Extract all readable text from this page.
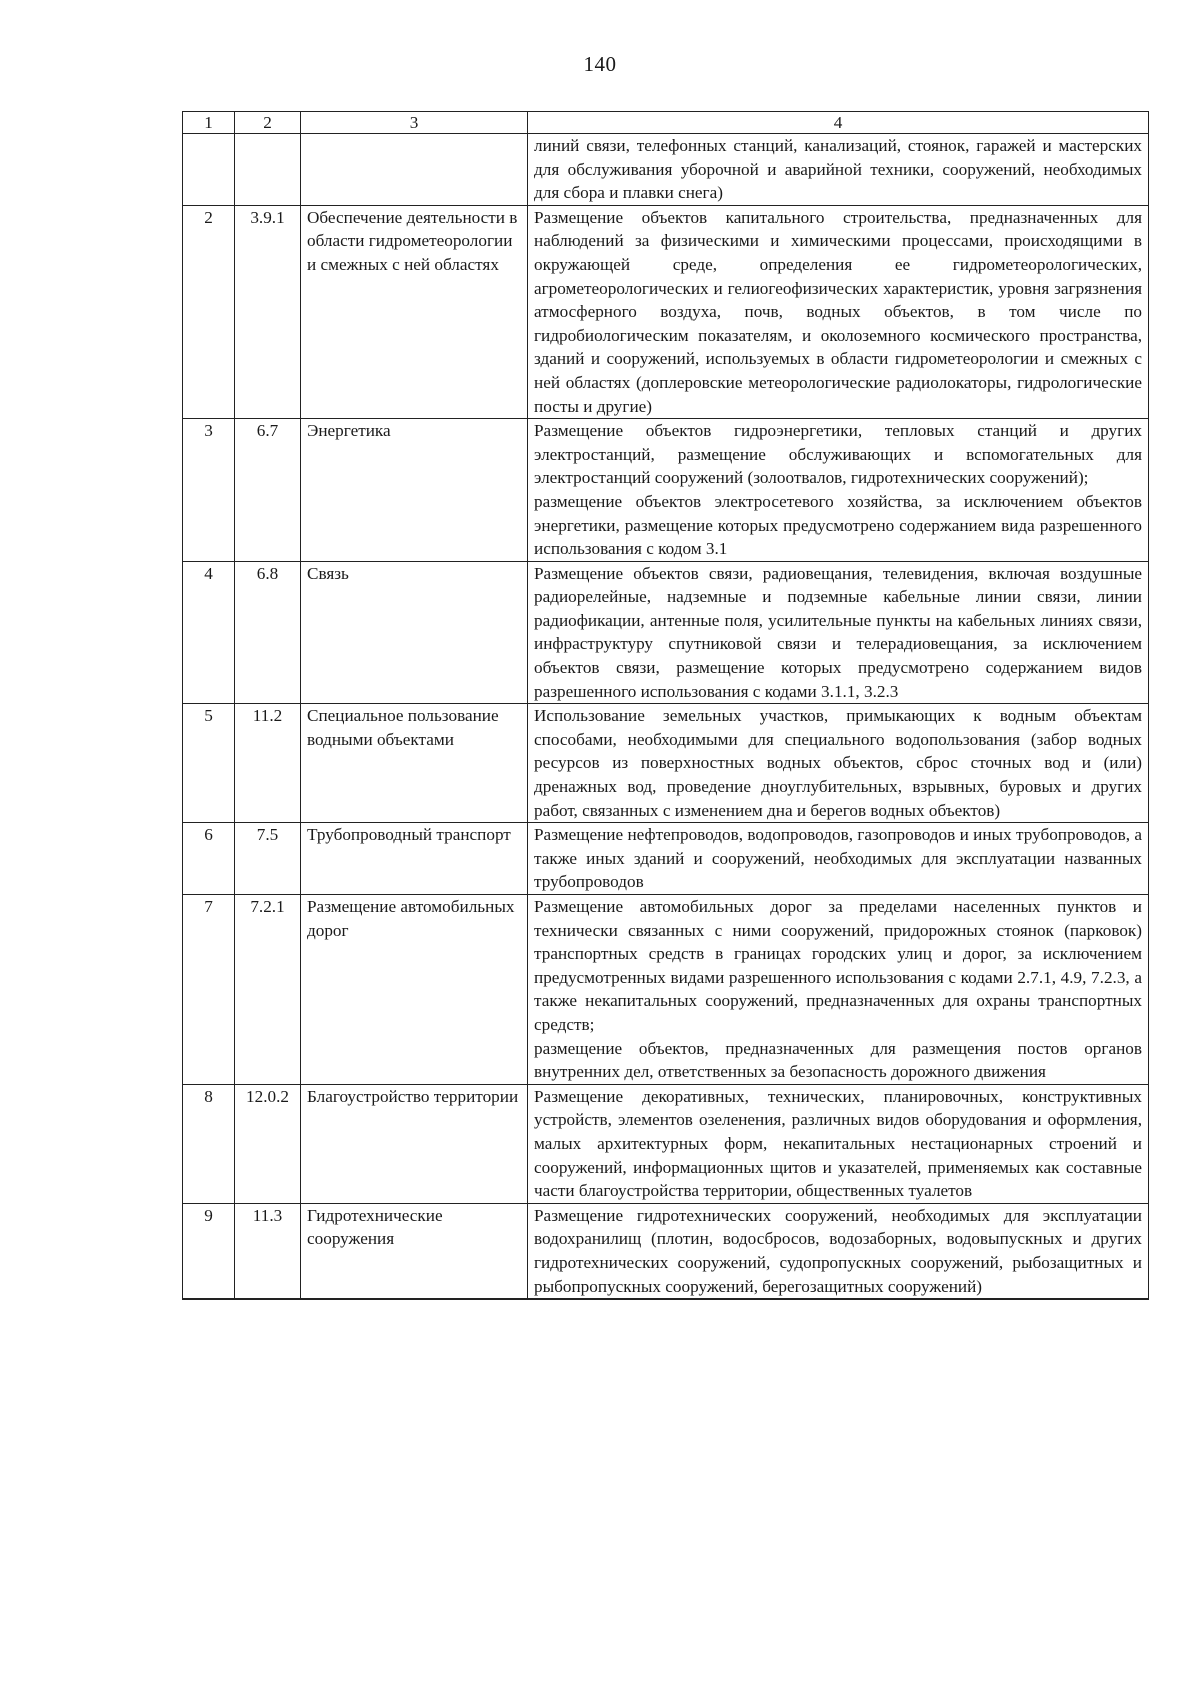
140
1	2	3	4
			линий связи, телефонных станций, канализаций, стоянок, гаражей и мастерских для обслуживания уборочной и аварийной техники, сооружений, необходимых для сбора и плавки снега)
2	3.9.1	Обеспечение деятельности в области гидрометеорологии и смежных с ней областях	Размещение объектов капитального строительства, предназначенных для наблюдений за физическими и химическими процессами, происходящими в окружающей среде, определения ее гидрометеорологических, агрометеорологических и гелиогеофизических характеристик, уровня загрязнения атмосферного воздуха, почв, водных объектов, в том числе по гидробиологическим показателям, и околоземного космического пространства, зданий и сооружений, используемых в области гидрометеорологии и смежных с ней областях (доплеровские метеорологические радиолокаторы, гидрологические посты и другие)
3	6.7	Энергетика	Размещение объектов гидроэнергетики, тепловых станций и других электростанций, размещение обслуживающих и вспомогательных для электростанций сооружений (золоотвалов, гидротехнических сооружений);
размещение объектов электросетевого хозяйства, за исключением объектов энергетики, размещение которых предусмотрено содержанием вида разрешенного использования с кодом 3.1
4	6.8	Связь	Размещение объектов связи, радиовещания, телевидения, включая воздушные радиорелейные, надземные и подземные кабельные линии связи, линии радиофикации, антенные поля, усилительные пункты на кабельных линиях связи, инфраструктуру спутниковой связи и телерадиовещания, за исключением объектов связи, размещение которых предусмотрено содержанием видов разрешенного использования с кодами 3.1.1, 3.2.3
5	11.2	Специальное пользование водными объектами	Использование земельных участков, примыкающих к водным объектам способами, необходимыми для специального водопользования (забор водных ресурсов из поверхностных водных объектов, сброс сточных вод и (или) дренажных вод, проведение дноуглубительных, взрывных, буровых и других работ, связанных с изменением дна и берегов водных объектов)
6	7.5	Трубопроводный транспорт	Размещение нефтепроводов, водопроводов, газопроводов и иных трубопроводов, а также иных зданий и сооружений, необходимых для эксплуатации названных трубопроводов
7	7.2.1	Размещение автомобильных дорог	Размещение автомобильных дорог за пределами населенных пунктов и технически связанных с ними сооружений, придорожных стоянок (парковок) транспортных средств в границах городских улиц и дорог, за исключением предусмотренных видами разрешенного использования с кодами 2.7.1, 4.9, 7.2.3, а также некапитальных сооружений, предназначенных для охраны транспортных средств;
размещение объектов, предназначенных для размещения постов органов внутренних дел, ответственных за безопасность дорожного движения
8	12.0.2	Благоустройство территории	Размещение декоративных, технических, планировочных, конструктивных устройств, элементов озеленения, различных видов оборудования и оформления, малых архитектурных форм, некапитальных нестационарных строений и сооружений, информационных щитов и указателей, применяемых как составные части благоустройства территории, общественных туалетов
9	11.3	Гидротехнические сооружения	Размещение гидротехнических сооружений, необходимых для эксплуатации водохранилищ (плотин, водосбросов, водозаборных, водовыпускных и других гидротехнических сооружений, судопропускных сооружений, рыбозащитных и рыбопропускных сооружений, берегозащитных сооружений)
